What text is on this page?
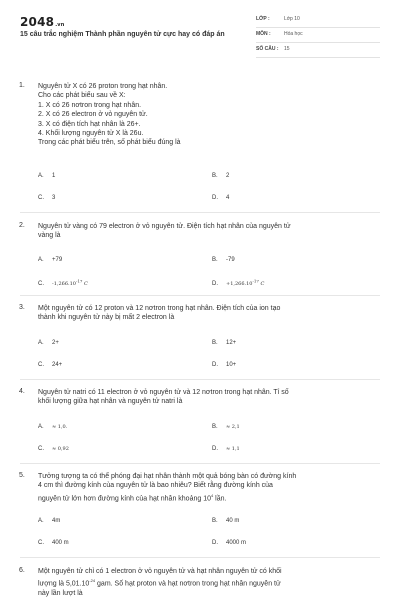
2048.vn
15 câu trắc nghiệm Thành phần nguyên tử cực hay có đáp án
LỚP :	Lớp 10
MÔN :	Hóa học
SỐ CÂU : 15
1. Nguyên tử X có 26 proton trong hạt nhân.
Cho các phát biểu sau về X:
1. X có 26 nơtron trong hạt nhân.
2. X có 26 electron ở vỏ nguyên tử.
3. X có điện tích hạt nhân là 26+.
4. Khối lượng nguyên tử X là 26u.
Trong các phát biểu trên, số phát biểu đúng là
A. 1	B. 2
C. 3	D. 4
2. Nguyên tử vàng có 79 electron ở vỏ nguyên tử. Điện tích hạt nhân của nguyên tử
vàng là
A. +79	B. -79
C. $-1,266.10^{-17}$ C	D. $+1,266.10^{-17}$ C
3. Một nguyên tử có 12 proton và 12 nơtron trong hạt nhân. Điện tích của ion tạo
thành khi nguyên tử này bị mất 2 electron là
A. 2+	B. 12+
C. 24+	D. 10+
4. Nguyên tử natri có 11 electron ở vỏ nguyên tử và 12 nơtron trong hạt nhân. Tỉ số
khối lượng giữa hạt nhân và nguyên tử natri là
A. ≈ 1,0.	B. ≈ 2,1
C. ≈ 0,92	D. ≈ 1,1
5. Tưởng tượng ta có thể phóng đại hạt nhân thành một quả bóng bàn có đường kính
4 cm thì đường kính của nguyên tử là bao nhiêu? Biết rằng đường kính của
nguyên tử lớn hơn đường kính của hạt nhân khoảng $10^4$ lần.
A. 4m	B. 40 m
C. 400 m	D. 4000 m
6. Một nguyên tử chỉ có 1 electron ở vỏ nguyên tử và hạt nhân nguyên tử có khối
lượng là $5,01.10^{-24}$ gam. Số hạt proton và hạt nơtron trong hạt nhân nguyên tử
này lần lượt là
